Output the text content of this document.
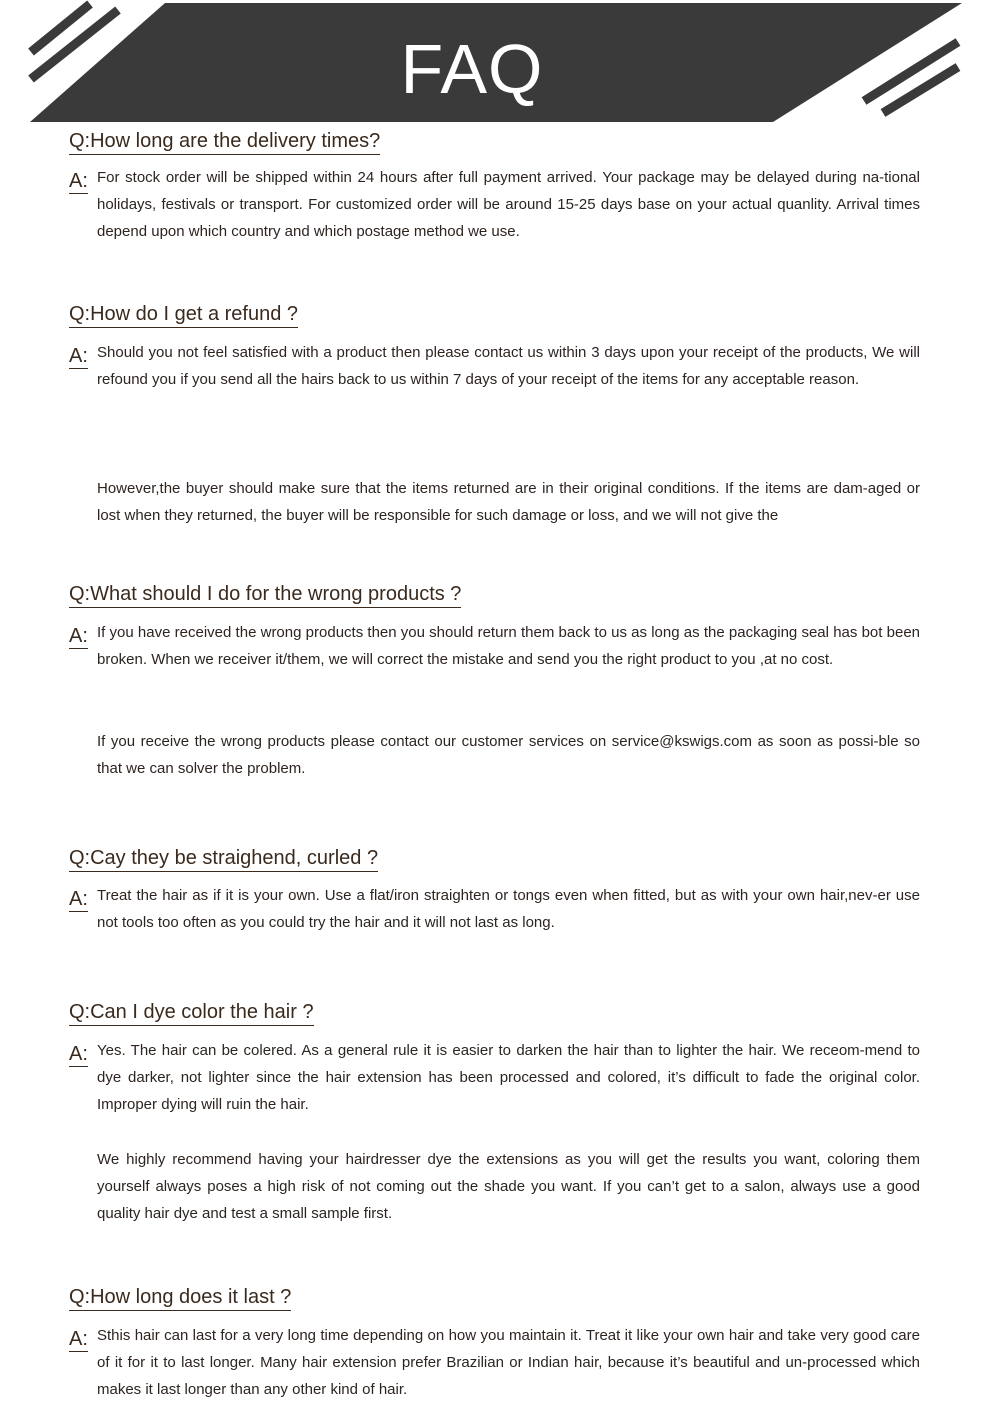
FAQ
Q:How long are the delivery times?
A: For stock order will be shipped within 24 hours after full payment arrived. Your package may be delayed during na-tional holidays, festivals or transport. For customized order will be around 15-25 days base on your actual quanlity. Arrival times depend upon which country and which postage method we use.

Q:How do I get a refund ?
A: Should you not feel satisfied with a product then please contact us within 3 days upon your receipt of the products, We will refound you if you send all the hairs back to us within 7 days of your receipt of the items for any acceptable reason.

However,the buyer should make sure that the items returned are in their original conditions. If the items are dam-aged or lost when they returned, the buyer will be responsible for such damage or loss, and we will not give the

Q:What should I do for the wrong products ?
A: If you have received the wrong products then you should return them back to us as long as the packaging seal has bot been broken. When we receiver it/them, we will correct the mistake and send you the right product to you ,at no cost.

If you receive the wrong products please contact our customer services on service@kswigs.com as soon as possi-ble so that we can solver the problem.

Q:Cay they be straighend, curled ?
A: Treat the hair as if it is your own. Use a flat/iron straighten or tongs even when fitted, but as with your own hair,nev-er use not tools too often as you could try the hair and it will not last as long.

Q:Can I dye color the hair ?
A: Yes. The hair can be colered. As a general rule it is easier to darken the hair than to lighter the hair. We receom-mend to dye darker, not lighter since the hair extension has been processed and colored, it’s difficult to fade the original color. Improper dying will ruin the hair.

We highly recommend having your hairdresser dye the extensions as you will get the results you want, coloring them yourself always poses a high risk of not coming out the shade you want. If you can’t get to a salon, always use a good quality hair dye and test a small sample first.

Q:How long does it last ?
A: Sthis hair can last for a very long time depending on how you maintain it. Treat it like your own hair and take very good care of it for it to last longer. Many hair extension prefer Brazilian or Indian hair, because it’s beautiful and un-processed which makes it last longer than any other kind of hair.
